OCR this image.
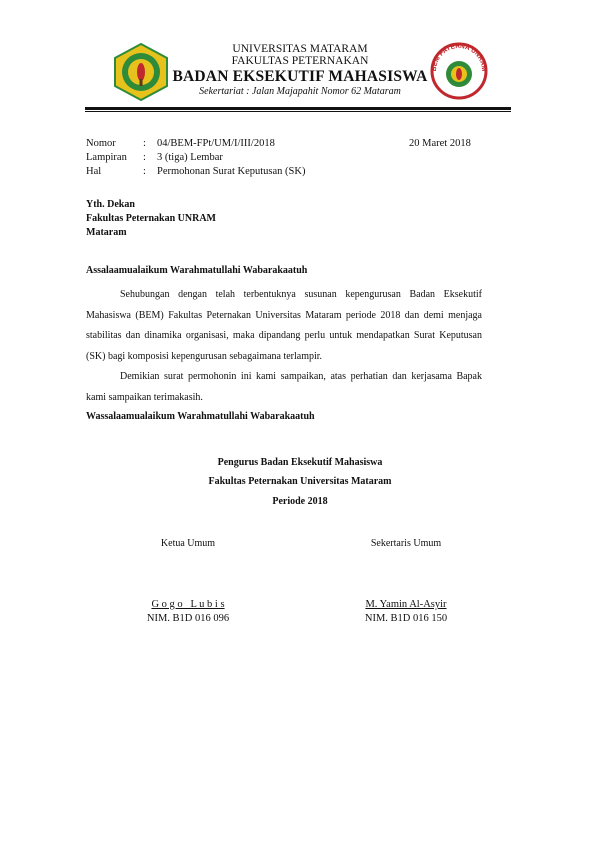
UNIVERSITAS MATARAM
FAKULTAS PETERNAKAN
BADAN EKSEKUTIF MAHASISWA
Sekertariat : Jalan Majapahit Nomor 62 Mataram
BEM FATERNA UNRAM
Nomor	: 04/BEM-FPt/UM/I/III/2018	20 Maret 2018
Lampiran : 3 (tiga) Lembar
Hal	: Permohonan Surat Keputusan (SK)
Yth. Dekan
Fakultas Peternakan UNRAM
Mataram
Assalaamualaikum Warahmatullahi Wabarakaatuh
Sehubungan dengan telah terbentuknya susunan kepengurusan Badan Eksekutif Mahasiswa (BEM) Fakultas Peternakan Universitas Mataram periode 2018 dan demi menjaga stabilitas dan dinamika organisasi, maka dipandang perlu untuk mendapatkan Surat Keputusan (SK) bagi komposisi kepengurusan sebagaimana terlampir.
Demikian surat permohonin ini kami sampaikan, atas perhatian dan kerjasama Bapak kami sampaikan terimakasih.
Wassalaamualaikum Warahmatullahi Wabarakaatuh
Pengurus Badan Eksekutif Mahasiswa
Fakultas Peternakan Universitas Mataram
Periode 2018
Ketua Umum	Sekertaris Umum
G o g o   L u b i s	M. Yamin Al-Asyir
NIM. B1D 016 096	NIM. B1D 016 150
